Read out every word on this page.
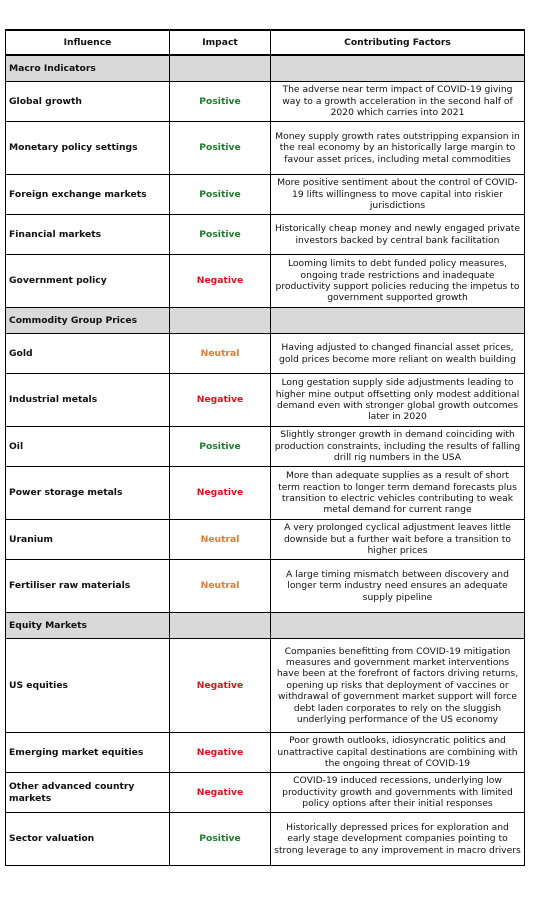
Influence	Impact	Contributing Factors
Macro Indicators		
Global growth	Positive	The adverse near term impact of COVID-19 giving way to a growth acceleration in the second half of 2020 which carries into 2021
Monetary policy settings	Positive	Money supply growth rates outstripping expansion in the real economy by an historically large margin to favour asset prices, including metal commodities
Foreign exchange markets	Positive	More positive sentiment about the control of COVID-19 lifts willingness to move capital into riskier jurisdictions
Financial markets	Positive	Historically cheap money and newly engaged private investors backed by central bank facilitation
Government policy	Negative	Looming limits to debt funded policy measures, ongoing trade restrictions and inadequate productivity support policies reducing the impetus to government supported growth
Commodity Group Prices		
Gold	Neutral	Having adjusted to changed financial asset prices, gold prices become more reliant on wealth building
Industrial metals	Negative	Long gestation supply side adjustments leading to higher mine output offsetting only modest additional demand even with stronger global growth outcomes later in 2020
Oil	Positive	Slightly stronger growth in demand coinciding with production constraints, including the results of falling drill rig numbers in the USA
Power storage metals	Negative	More than adequate supplies as a result of short term reaction to longer term demand forecasts plus transition to electric vehicles contributing to weak metal demand for current range
Uranium	Neutral	A very prolonged cyclical adjustment leaves little downside but a further wait before a transition to higher prices
Fertiliser raw materials	Neutral	A large timing mismatch between discovery and longer term industry need ensures an adequate supply pipeline
Equity Markets		
US equities	Negative	Companies benefitting from COVID-19 mitigation measures and government market interventions have been at the forefront of factors driving returns, opening up risks that deployment of vaccines or withdrawal of government market support will force debt laden corporates to rely on the sluggish underlying performance of the US economy
Emerging market equities	Negative	Poor growth outlooks, idiosyncratic politics and unattractive capital destinations are combining with the ongoing threat of COVID-19
Other advanced country markets	Negative	COVID-19 induced recessions, underlying low productivity growth and governments with limited policy options after their initial responses
Sector valuation	Positive	Historically depressed prices for exploration and early stage development companies pointing to strong leverage to any improvement in macro drivers
